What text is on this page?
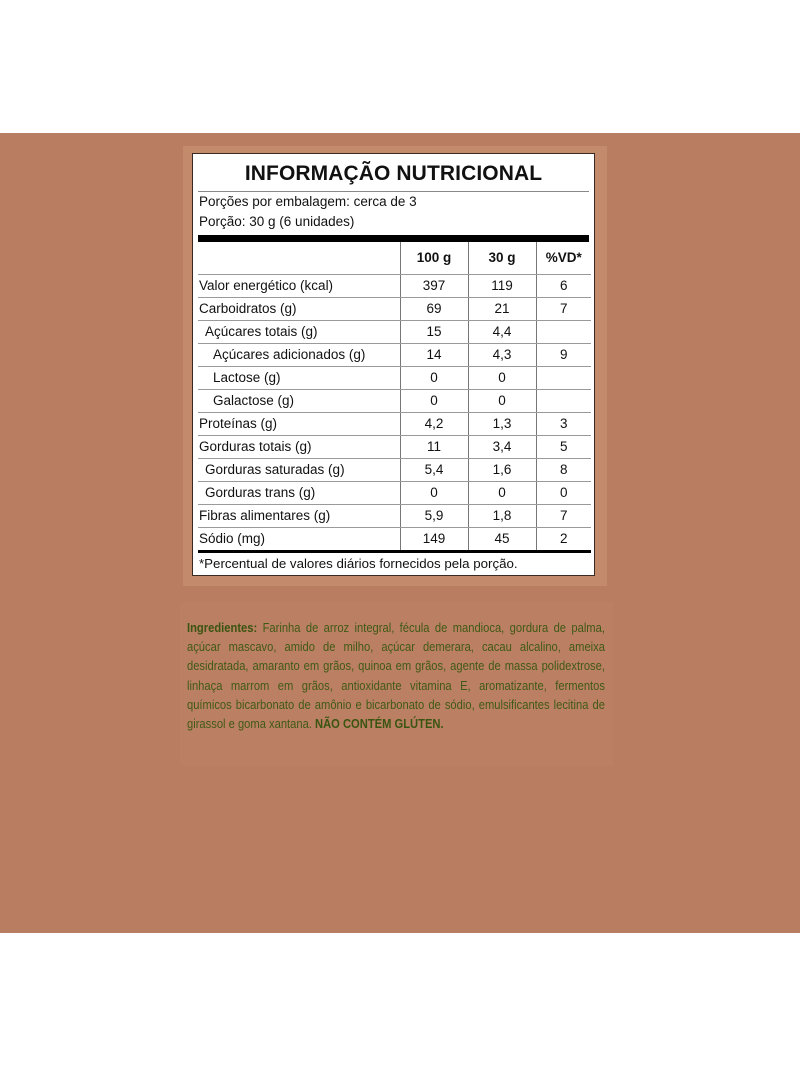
INFORMAÇÃO NUTRICIONAL
Porções por embalagem: cerca de 3
Porção: 30 g (6 unidades)
	100 g	30 g	%VD*
Valor energético (kcal)	397	119	6
Carboidratos (g)	69	21	7
Açúcares totais (g)	15	4,4	
Açúcares adicionados (g)	14	4,3	9
Lactose (g)	0	0	
Galactose (g)	0	0	
Proteínas (g)	4,2	1,3	3
Gorduras totais (g)	11	3,4	5
Gorduras saturadas (g)	5,4	1,6	8
Gorduras trans (g)	0	0	0
Fibras alimentares (g)	5,9	1,8	7
Sódio (mg)	149	45	2
*Percentual de valores diários fornecidos pela porção.
Ingredientes: Farinha de arroz integral, fécula de mandioca, gordura de palma, açúcar mascavo, amido de milho, açúcar demerara, cacau alcalino, ameixa desidratada, amaranto em grãos, quinoa em grãos, agente de massa polidextrose, linhaça marrom em grãos, antioxidante vitamina E, aromatizante, fermentos químicos bicarbonato de amônio e bicarbonato de sódio, emulsificantes lecitina de girassol e goma xantana. NÃO CONTÉM GLÚTEN.
